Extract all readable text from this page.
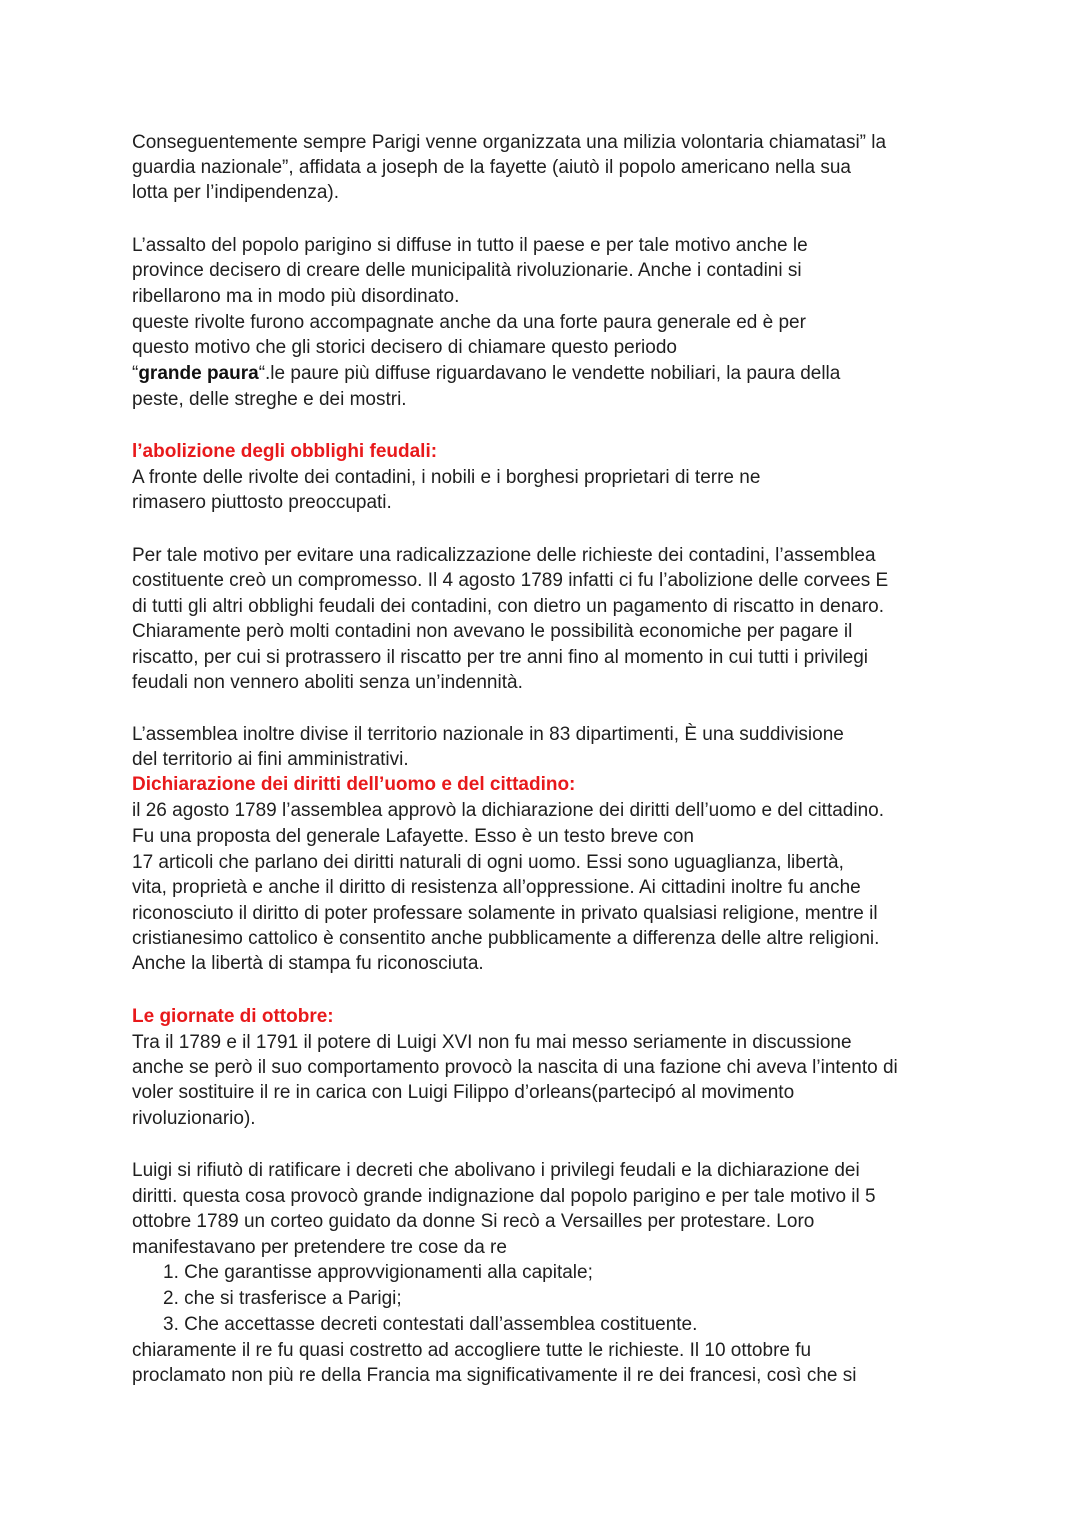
Conseguentemente sempre Parigi venne organizzata una milizia volontaria chiamatasi” la
guardia nazionale”, affidata a joseph de la fayette (aiutò il popolo americano nella sua
lotta per l’indipendenza).
L’assalto del popolo parigino si diffuse in tutto il paese e per tale motivo anche le
province decisero di creare delle municipalità rivoluzionarie. Anche i contadini si
ribellarono ma in modo più disordinato.
queste rivolte furono accompagnate anche da una forte paura generale ed è per
questo motivo che gli storici decisero di chiamare questo periodo
“grande paura“.le paure più diffuse riguardavano le vendette nobiliari, la paura della
peste, delle streghe e dei mostri.
l’abolizione degli obblighi feudali:
A fronte delle rivolte dei contadini, i nobili e i borghesi proprietari di terre ne
rimasero piuttosto preoccupati.
Per tale motivo per evitare una radicalizzazione delle richieste dei contadini, l’assemblea
costituente creò un compromesso. Il 4 agosto 1789 infatti ci fu l’abolizione delle corvees E
di tutti gli altri obblighi feudali dei contadini, con dietro un pagamento di riscatto in denaro.
Chiaramente però molti contadini non avevano le possibilità economiche per pagare il
riscatto, per cui si protrassero il riscatto per tre anni fino al momento in cui tutti i privilegi
feudali non vennero aboliti senza un’indennità.
L’assemblea inoltre divise il territorio nazionale in 83 dipartimenti, È una suddivisione
del territorio ai fini amministrativi.
Dichiarazione dei diritti dell’uomo e del cittadino:
il 26 agosto 1789 l’assemblea approvò la dichiarazione dei diritti dell’uomo e del cittadino.
Fu una proposta del generale Lafayette. Esso è un testo breve con
17 articoli che parlano dei diritti naturali di ogni uomo. Essi sono uguaglianza, libertà,
vita, proprietà e anche il diritto di resistenza all’oppressione. Ai cittadini inoltre fu anche
riconosciuto il diritto di poter professare solamente in privato qualsiasi religione, mentre il
cristianesimo cattolico è consentito anche pubblicamente a differenza delle altre religioni.
Anche la libertà di stampa fu riconosciuta.
Le giornate di ottobre:
Tra il 1789 e il 1791 il potere di Luigi XVI non fu mai messo seriamente in discussione
anche se però il suo comportamento provocò la nascita di una fazione chi aveva l’intento di
voler sostituire il re in carica con Luigi Filippo d’orleans(partecipó al movimento
rivoluzionario).
Luigi si rifiutò di ratificare i decreti che abolivano i privilegi feudali e la dichiarazione dei
diritti. questa cosa provocò grande indignazione dal popolo parigino e per tale motivo il 5
ottobre 1789 un corteo guidato da donne Si recò a Versailles per protestare. Loro
manifestavano per pretendere tre cose da re
1. Che garantisse approvvigionamenti alla capitale;
2. che si trasferisce a Parigi;
3. Che accettasse decreti contestati dall’assemblea costituente.
chiaramente il re fu quasi costretto ad accogliere tutte le richieste. Il 10 ottobre fu
proclamato non più re della Francia ma significativamente il re dei francesi, così che si
